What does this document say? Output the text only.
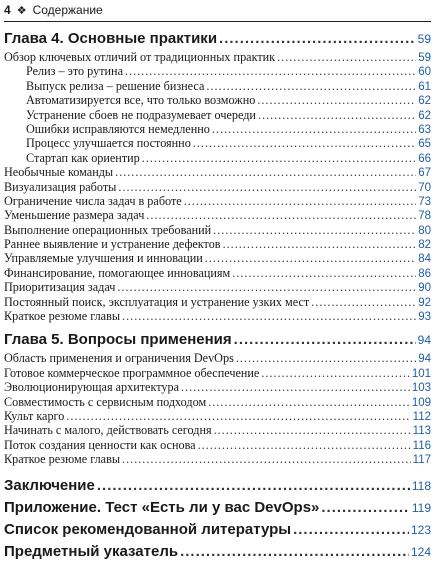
4 ❖ Содержание
Глава 4. Основные практики .....	59
Обзор ключевых отличий от традиционных практик .....	59
Релиз – это рутина .....	60
Выпуск релиза – решение бизнеса .....	61
Автоматизируется все, что только возможно .....	62
Устранение сбоев не подразумевает очереди .....	62
Ошибки исправляются немедленно .....	63
Процесс улучшается постоянно .....	65
Стартап как ориентир .....	66
Необычные команды .....	67
Визуализация работы .....	70
Ограничение числа задач в работе .....	73
Уменьшение размера задач .....	78
Выполнение операционных требований .....	80
Раннее выявление и устранение дефектов .....	82
Управляемые улучшения и инновации .....	84
Финансирование, помогающее инновациям .....	86
Приоритизация задач .....	90
Постоянный поиск, эксплуатация и устранение узких мест .....	92
Краткое резюме главы .....	93
Глава 5. Вопросы применения .....	94
Область применения и ограничения DevOps .....	94
Готовое коммерческое программное обеспечение .....	101
Эволюционирующая архитектура .....	103
Совместимость с сервисным подходом .....	109
Культ карго .....	112
Начинать с малого, действовать сегодня .....	113
Поток создания ценности как основа .....	116
Краткое резюме главы .....	117
Заключение .....	118
Приложение. Тест «Есть ли у вас DevOps» .....	119
Список рекомендованной литературы .....	123
Предметный указатель .....	124
